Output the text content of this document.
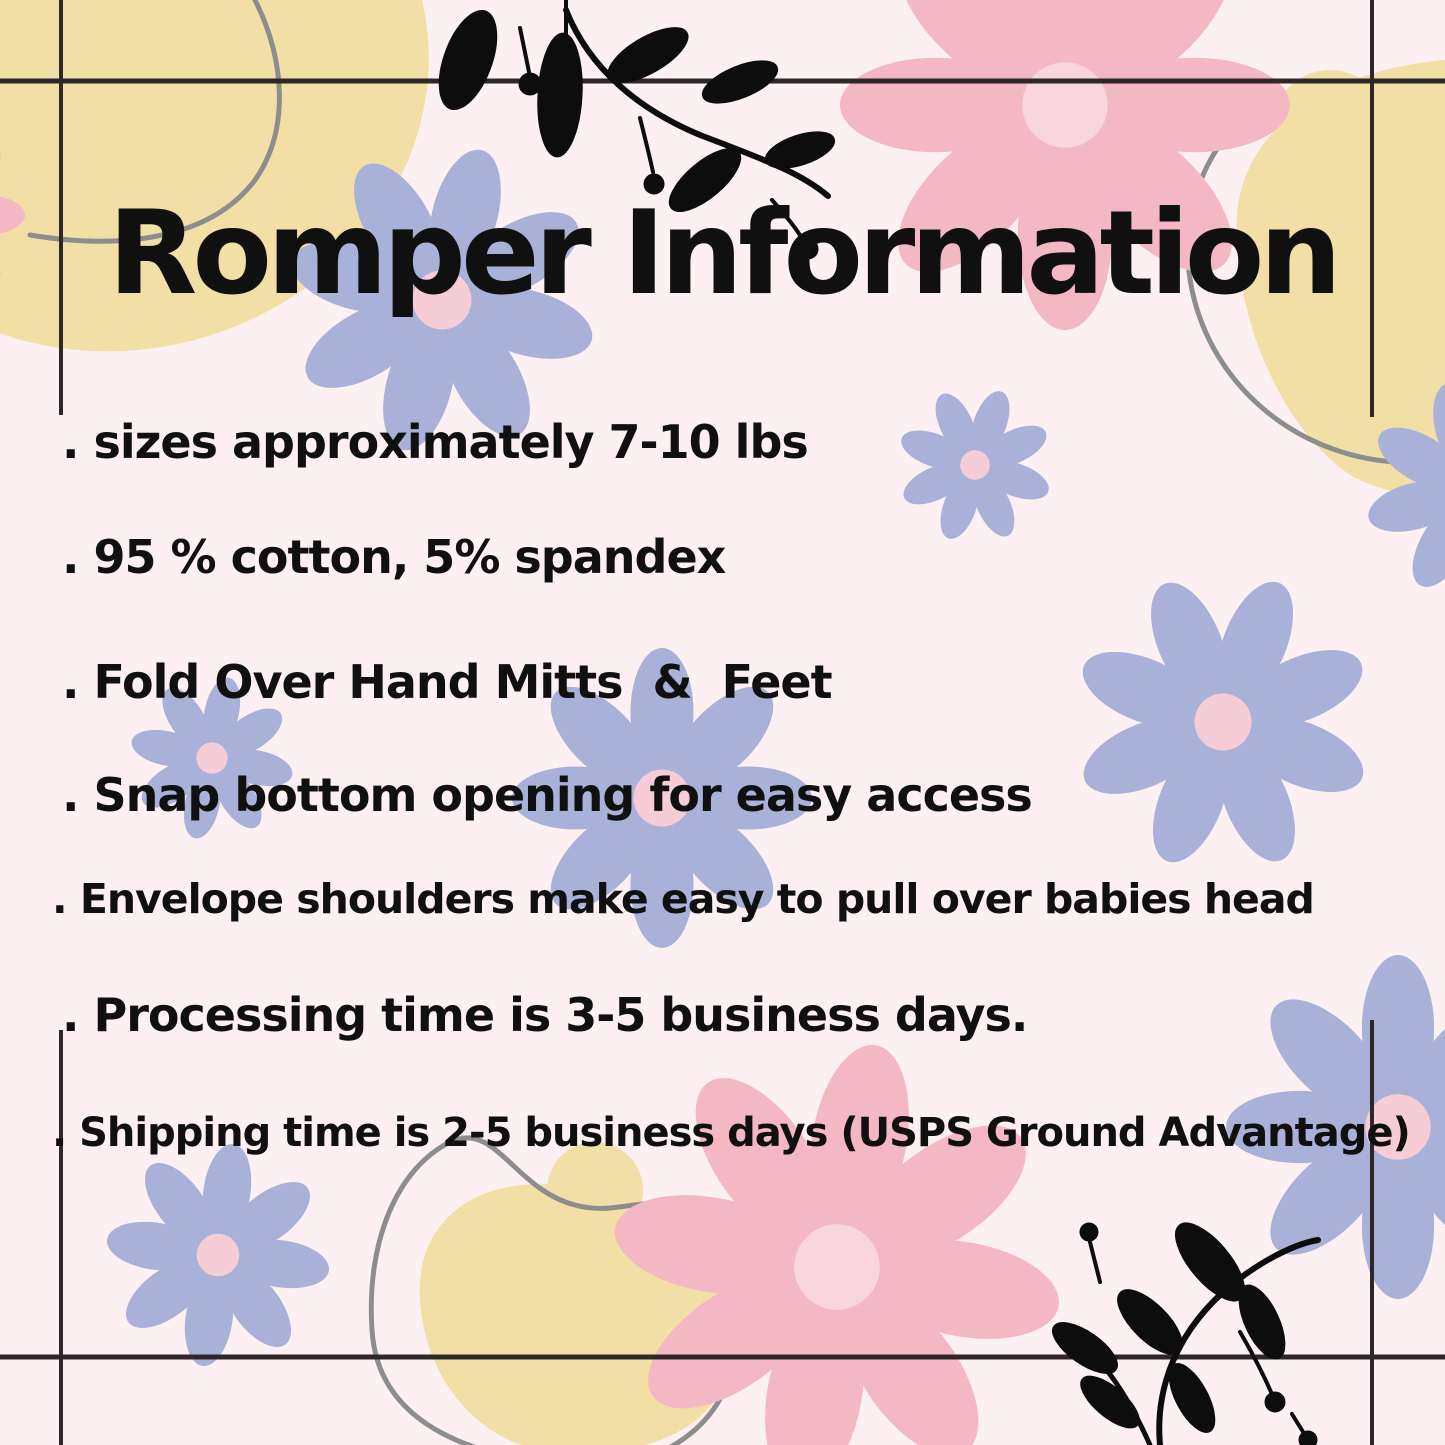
Romper Information
. sizes approximately 7-10 lbs
. 95 % cotton, 5% spandex
. Fold Over Hand Mitts  &  Feet
. Snap bottom opening for easy access
. Envelope shoulders make easy to pull over babies head
. Processing time is 3-5 business days.
. Shipping time is 2-5 business days (USPS Ground Advantage)
